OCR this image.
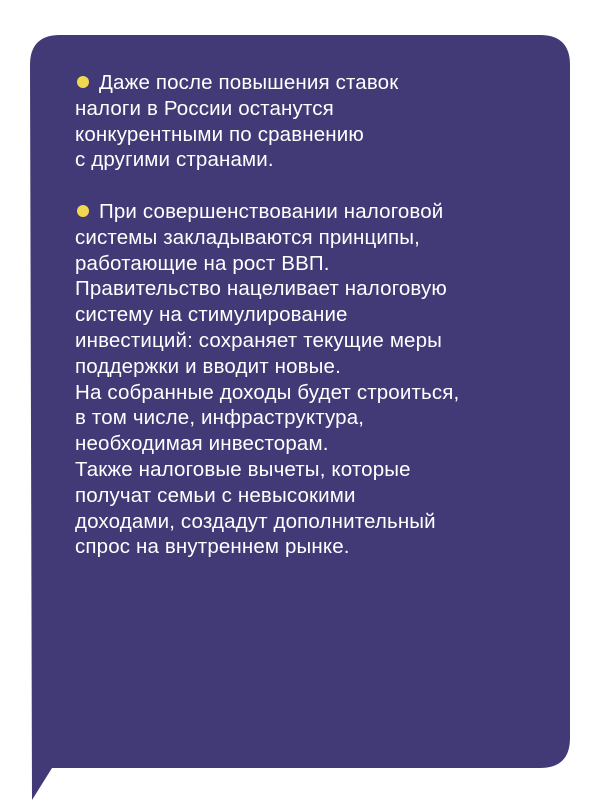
Даже после повышения ставок
налоги в России останутся
конкурентными по сравнению
с другими странами.

При совершенствовании налоговой
системы закладываются принципы,
работающие на рост ВВП.
Правительство нацеливает налоговую
систему на стимулирование
инвестиций: сохраняет текущие меры
поддержки и вводит новые.
На собранные доходы будет строиться,
в том числе, инфраструктура,
необходимая инвесторам.
Также налоговые вычеты, которые
получат семьи с невысокими
доходами, создадут дополнительный
спрос на внутреннем рынке.
